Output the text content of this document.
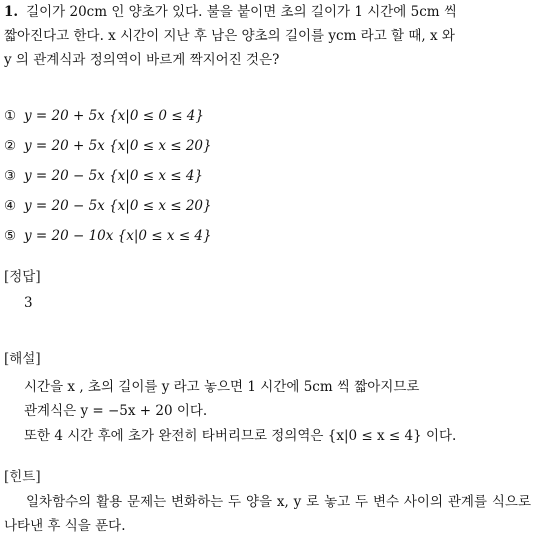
1. 길이가 20cm 인 양초가 있다. 불을 붙이면 초의 길이가 1 시간에 5cm 씩
짧아진다고 한다. x 시간이 지난 후 남은 양초의 길이를 ycm 라고 할 때, x 와
y 의 관계식과 정의역이 바르게 짝지어진 것은?
① y = 20 + 5x {x|0 ≤ 0 ≤ 4}
② y = 20 + 5x {x|0 ≤ x ≤ 20}
③ y = 20 − 5x {x|0 ≤ x ≤ 4}
④ y = 20 − 5x {x|0 ≤ x ≤ 20}
⑤ y = 20 − 10x {x|0 ≤ x ≤ 4}
[정답]
3
[해설]
시간을 x , 초의 길이를 y 라고 놓으면 1 시간에 5cm 씩 짧아지므로
관계식은 y = −5x + 20 이다.
또한 4 시간 후에 초가 완전히 타버리므로 정의역은 {x|0 ≤ x ≤ 4} 이다.
[힌트]
일차함수의 활용 문제는 변화하는 두 양을 x, y 로 놓고 두 변수 사이의 관계를 식으로 나타낸 후 식을 푼다.
